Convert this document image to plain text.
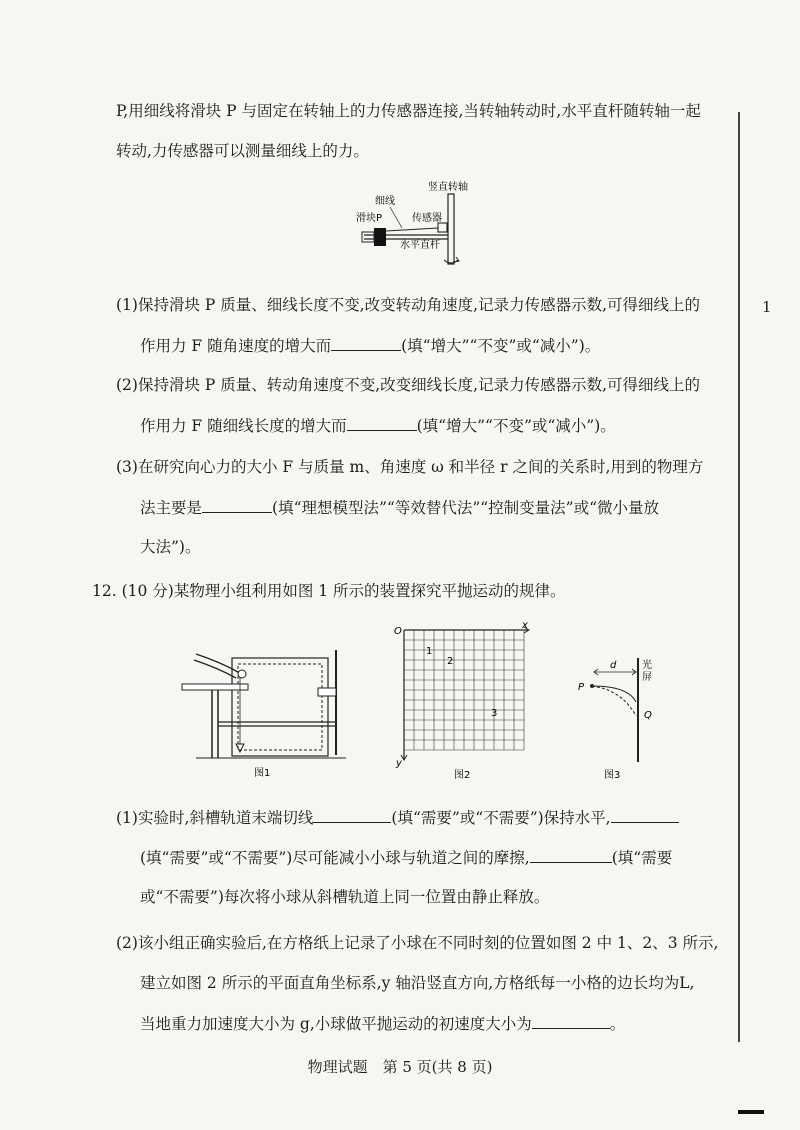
1
P,用细线将滑块 P 与固定在转轴上的力传感器连接,当转轴转动时,水平直杆随转轴一起
转动,力传感器可以测量细线上的力。
竖直转轴
细线
滑块P	传感器
水平直杆
(1)保持滑块 P 质量、细线长度不变,改变转动角速度,记录力传感器示数,可得细线上的
作用力 F 随角速度的增大而	(填“增大”“不变”或“减小”)。
(2)保持滑块 P 质量、转动角速度不变,改变细线长度,记录力传感器示数,可得细线上的
作用力 F 随细线长度的增大而	(填“增大”“不变”或“减小”)。
(3)在研究向心力的大小 F 与质量 m、角速度 ω 和半径 r 之间的关系时,用到的物理方
法主要是	(填“理想模型法”“等效替代法”“控制变量法”或“微小量放
大法”)。
12. (10 分)某物理小组利用如图 1 所示的装置探究平抛运动的规律。
图1
O
x
y
1
2
3
图2
光
屏
d
P
Q
图3
(1)实验时,斜槽轨道末端切线	(填“需要”或“不需要”)保持水平,
(填“需要”或“不需要”)尽可能减小小球与轨道之间的摩擦,	(填“需要
或“不需要”)每次将小球从斜槽轨道上同一位置由静止释放。
(2)该小组正确实验后,在方格纸上记录了小球在不同时刻的位置如图 2 中 1、2、3 所示,
建立如图 2 所示的平面直角坐标系,y 轴沿竖直方向,方格纸每一小格的边长均为L,
当地重力加速度大小为 g,小球做平抛运动的初速度大小为	。
物理试题　第 5 页(共 8 页)
